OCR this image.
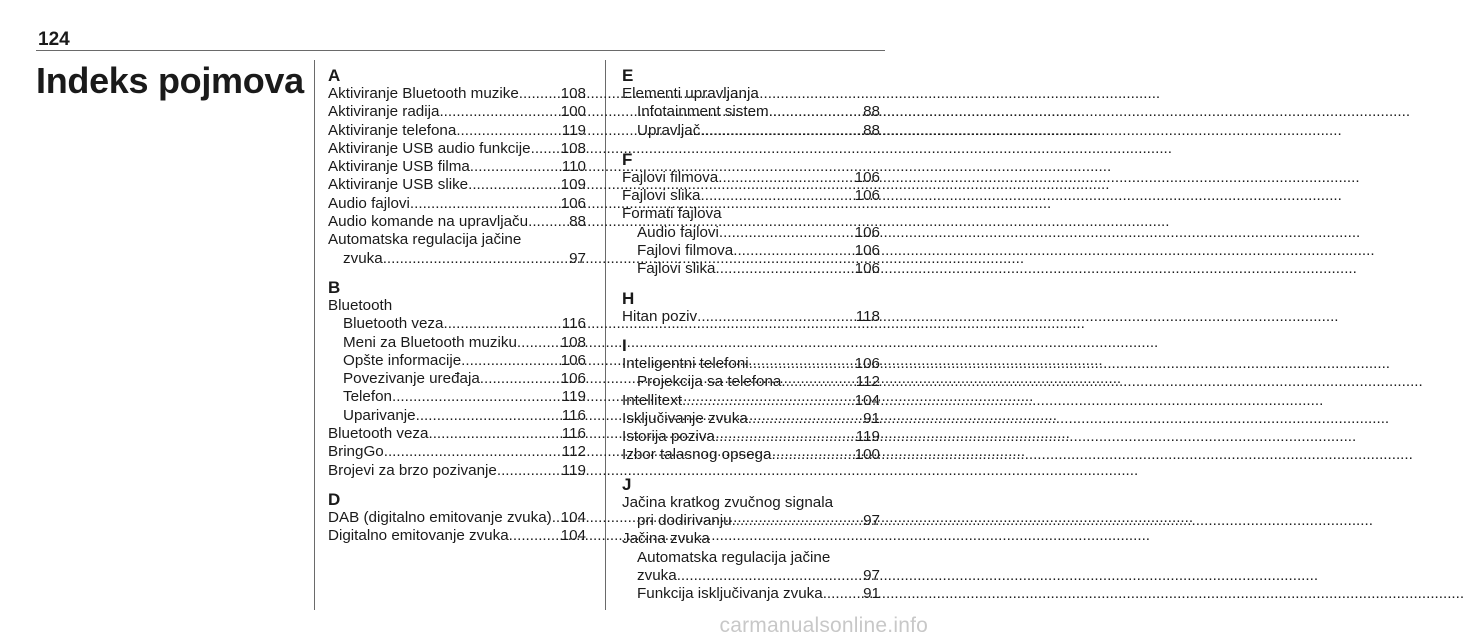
124
Indeks pojmova A
Aktiviranje Bluetooth muzike .....	108
Aktiviranje radija .....	100
Aktiviranje telefona .....	119
Aktiviranje USB audio funkcije ..... 108
Aktiviranje USB filma .....	110
Aktiviranje USB slike .....	109
Audio fajlovi .....	106
Audio komande na upravljaču .....	88
Automatska regulacija jačine
zvuka .....	97
B
Bluetooth
Bluetooth veza .....	116
Meni za Bluetooth muziku .....	108
Opšte informacije .....	106
Povezivanje uređaja .....	106
Telefon .....	119
Uparivanje .....	116
Bluetooth veza .....	116
BringGo .....	112
Brojevi za brzo pozivanje .....	119
D
DAB (digitalno emitovanje zvuka) ..... 104
Digitalno emitovanje zvuka .....	104
E
Elementi upravljanja
Infotainment sistem .....	88
Upravljač .....	88
F
Fajlovi filmova .....	106
Fajlovi slika .....	106
Formati fajlova
Audio fajlovi .....	106
Fajlovi filmova .....	106
Fajlovi slika .....	106
H
Hitan poziv .....	118
I
Inteligentni telefoni .....	106
Projekcija sa telefona .....	112
Intellitext .....	104
Isključivanje zvuka .....	91
Istorija poziva .....	119
Izbor talasnog opsega .....	100
J
Jačina kratkog zvučnog signala
pri dodirivanju .....	97
Jačina zvuka
Automatska regulacija jačine
zvuka .....	97
Funkcija isključivanja zvuka .....	91
carmanualsonline.info
